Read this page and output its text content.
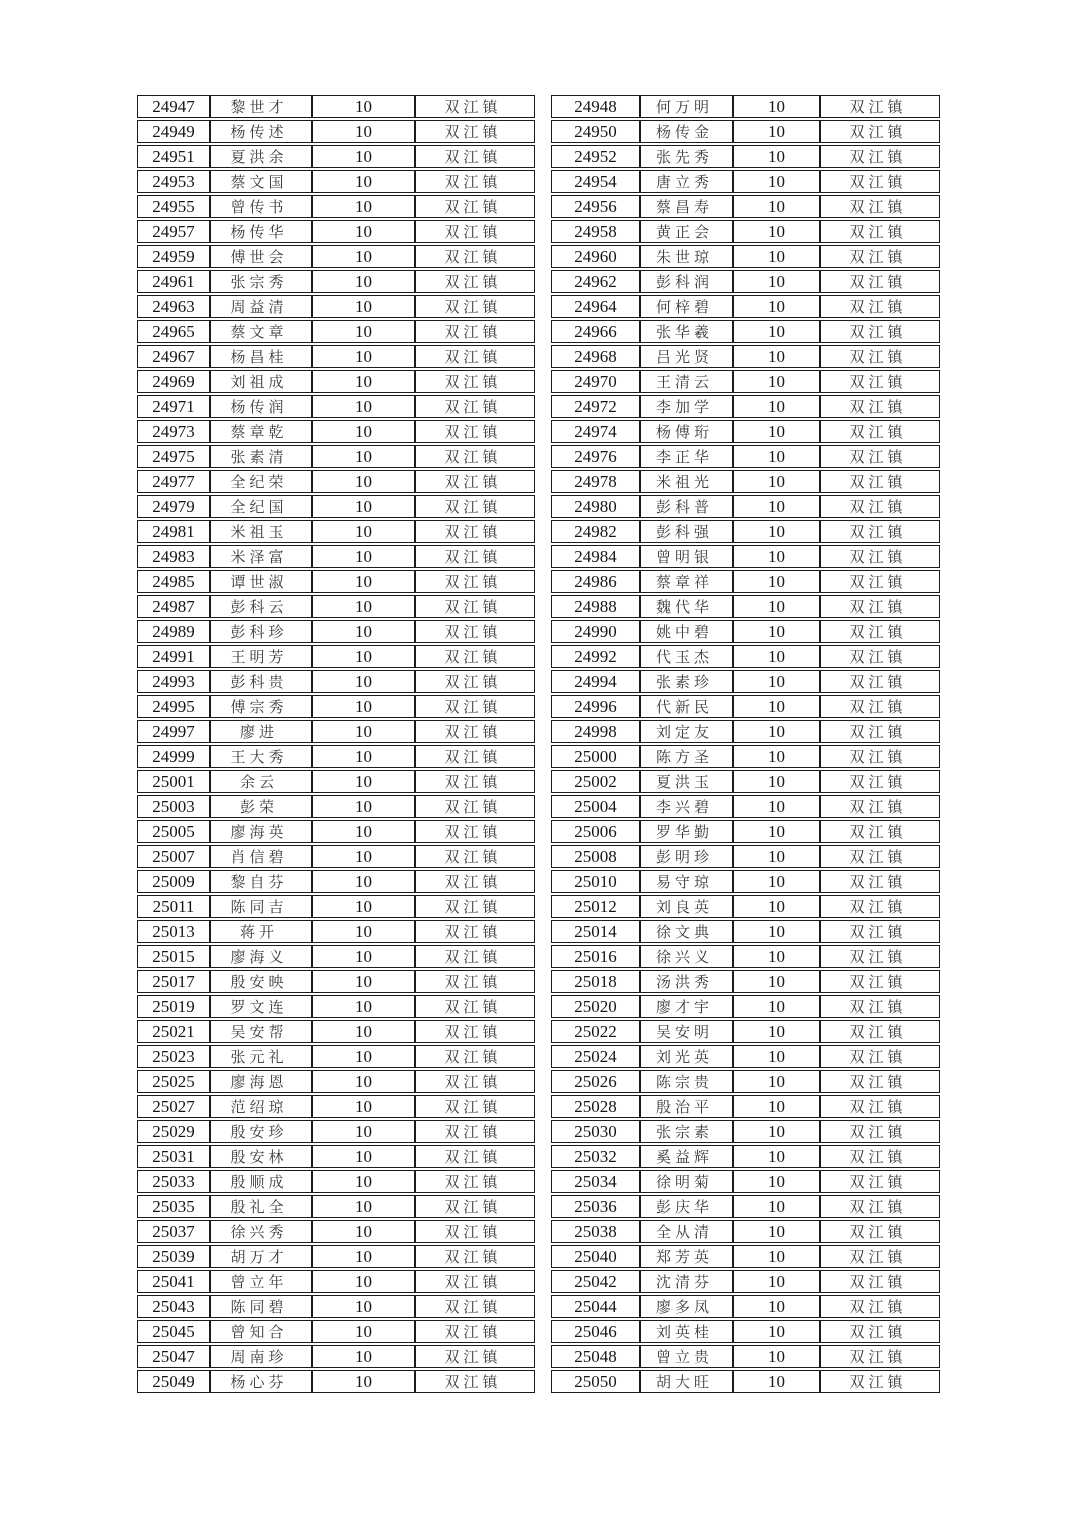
24947	黎世才	10	双江镇
24949	杨传述	10	双江镇
24951	夏洪余	10	双江镇
24953	蔡文国	10	双江镇
24955	曾传书	10	双江镇
24957	杨传华	10	双江镇
24959	傅世会	10	双江镇
24961	张宗秀	10	双江镇
24963	周益清	10	双江镇
24965	蔡文章	10	双江镇
24967	杨昌桂	10	双江镇
24969	刘祖成	10	双江镇
24971	杨传润	10	双江镇
24973	蔡章乾	10	双江镇
24975	张素清	10	双江镇
24977	全纪荣	10	双江镇
24979	全纪国	10	双江镇
24981	米祖玉	10	双江镇
24983	米泽富	10	双江镇
24985	谭世淑	10	双江镇
24987	彭科云	10	双江镇
24989	彭科珍	10	双江镇
24991	王明芳	10	双江镇
24993	彭科贵	10	双江镇
24995	傅宗秀	10	双江镇
24997	廖进	10	双江镇
24999	王大秀	10	双江镇
25001	余云	10	双江镇
25003	彭荣	10	双江镇
25005	廖海英	10	双江镇
25007	肖信碧	10	双江镇
25009	黎自芬	10	双江镇
25011	陈同吉	10	双江镇
25013	蒋开	10	双江镇
25015	廖海义	10	双江镇
25017	殷安映	10	双江镇
25019	罗文连	10	双江镇
25021	吴安帮	10	双江镇
25023	张元礼	10	双江镇
25025	廖海恩	10	双江镇
25027	范绍琼	10	双江镇
25029	殷安珍	10	双江镇
25031	殷安林	10	双江镇
25033	殷顺成	10	双江镇
25035	殷礼全	10	双江镇
25037	徐兴秀	10	双江镇
25039	胡万才	10	双江镇
25041	曾立年	10	双江镇
25043	陈同碧	10	双江镇
25045	曾知合	10	双江镇
25047	周南珍	10	双江镇
25049	杨心芬	10	双江镇
24948	何万明	10	双江镇
24950	杨传金	10	双江镇
24952	张先秀	10	双江镇
24954	唐立秀	10	双江镇
24956	蔡昌寿	10	双江镇
24958	黄正会	10	双江镇
24960	朱世琼	10	双江镇
24962	彭科润	10	双江镇
24964	何梓碧	10	双江镇
24966	张华羲	10	双江镇
24968	吕光贤	10	双江镇
24970	王清云	10	双江镇
24972	李加学	10	双江镇
24974	杨傅珩	10	双江镇
24976	李正华	10	双江镇
24978	米祖光	10	双江镇
24980	彭科普	10	双江镇
24982	彭科强	10	双江镇
24984	曾明银	10	双江镇
24986	蔡章祥	10	双江镇
24988	魏代华	10	双江镇
24990	姚中碧	10	双江镇
24992	代玉杰	10	双江镇
24994	张素珍	10	双江镇
24996	代新民	10	双江镇
24998	刘定友	10	双江镇
25000	陈方圣	10	双江镇
25002	夏洪玉	10	双江镇
25004	李兴碧	10	双江镇
25006	罗华勤	10	双江镇
25008	彭明珍	10	双江镇
25010	易守琼	10	双江镇
25012	刘良英	10	双江镇
25014	徐文典	10	双江镇
25016	徐兴义	10	双江镇
25018	汤洪秀	10	双江镇
25020	廖才宇	10	双江镇
25022	吴安明	10	双江镇
25024	刘光英	10	双江镇
25026	陈宗贵	10	双江镇
25028	殷治平	10	双江镇
25030	张宗素	10	双江镇
25032	奚益辉	10	双江镇
25034	徐明菊	10	双江镇
25036	彭庆华	10	双江镇
25038	全从清	10	双江镇
25040	郑芳英	10	双江镇
25042	沈清芬	10	双江镇
25044	廖多凤	10	双江镇
25046	刘英桂	10	双江镇
25048	曾立贵	10	双江镇
25050	胡大旺	10	双江镇
